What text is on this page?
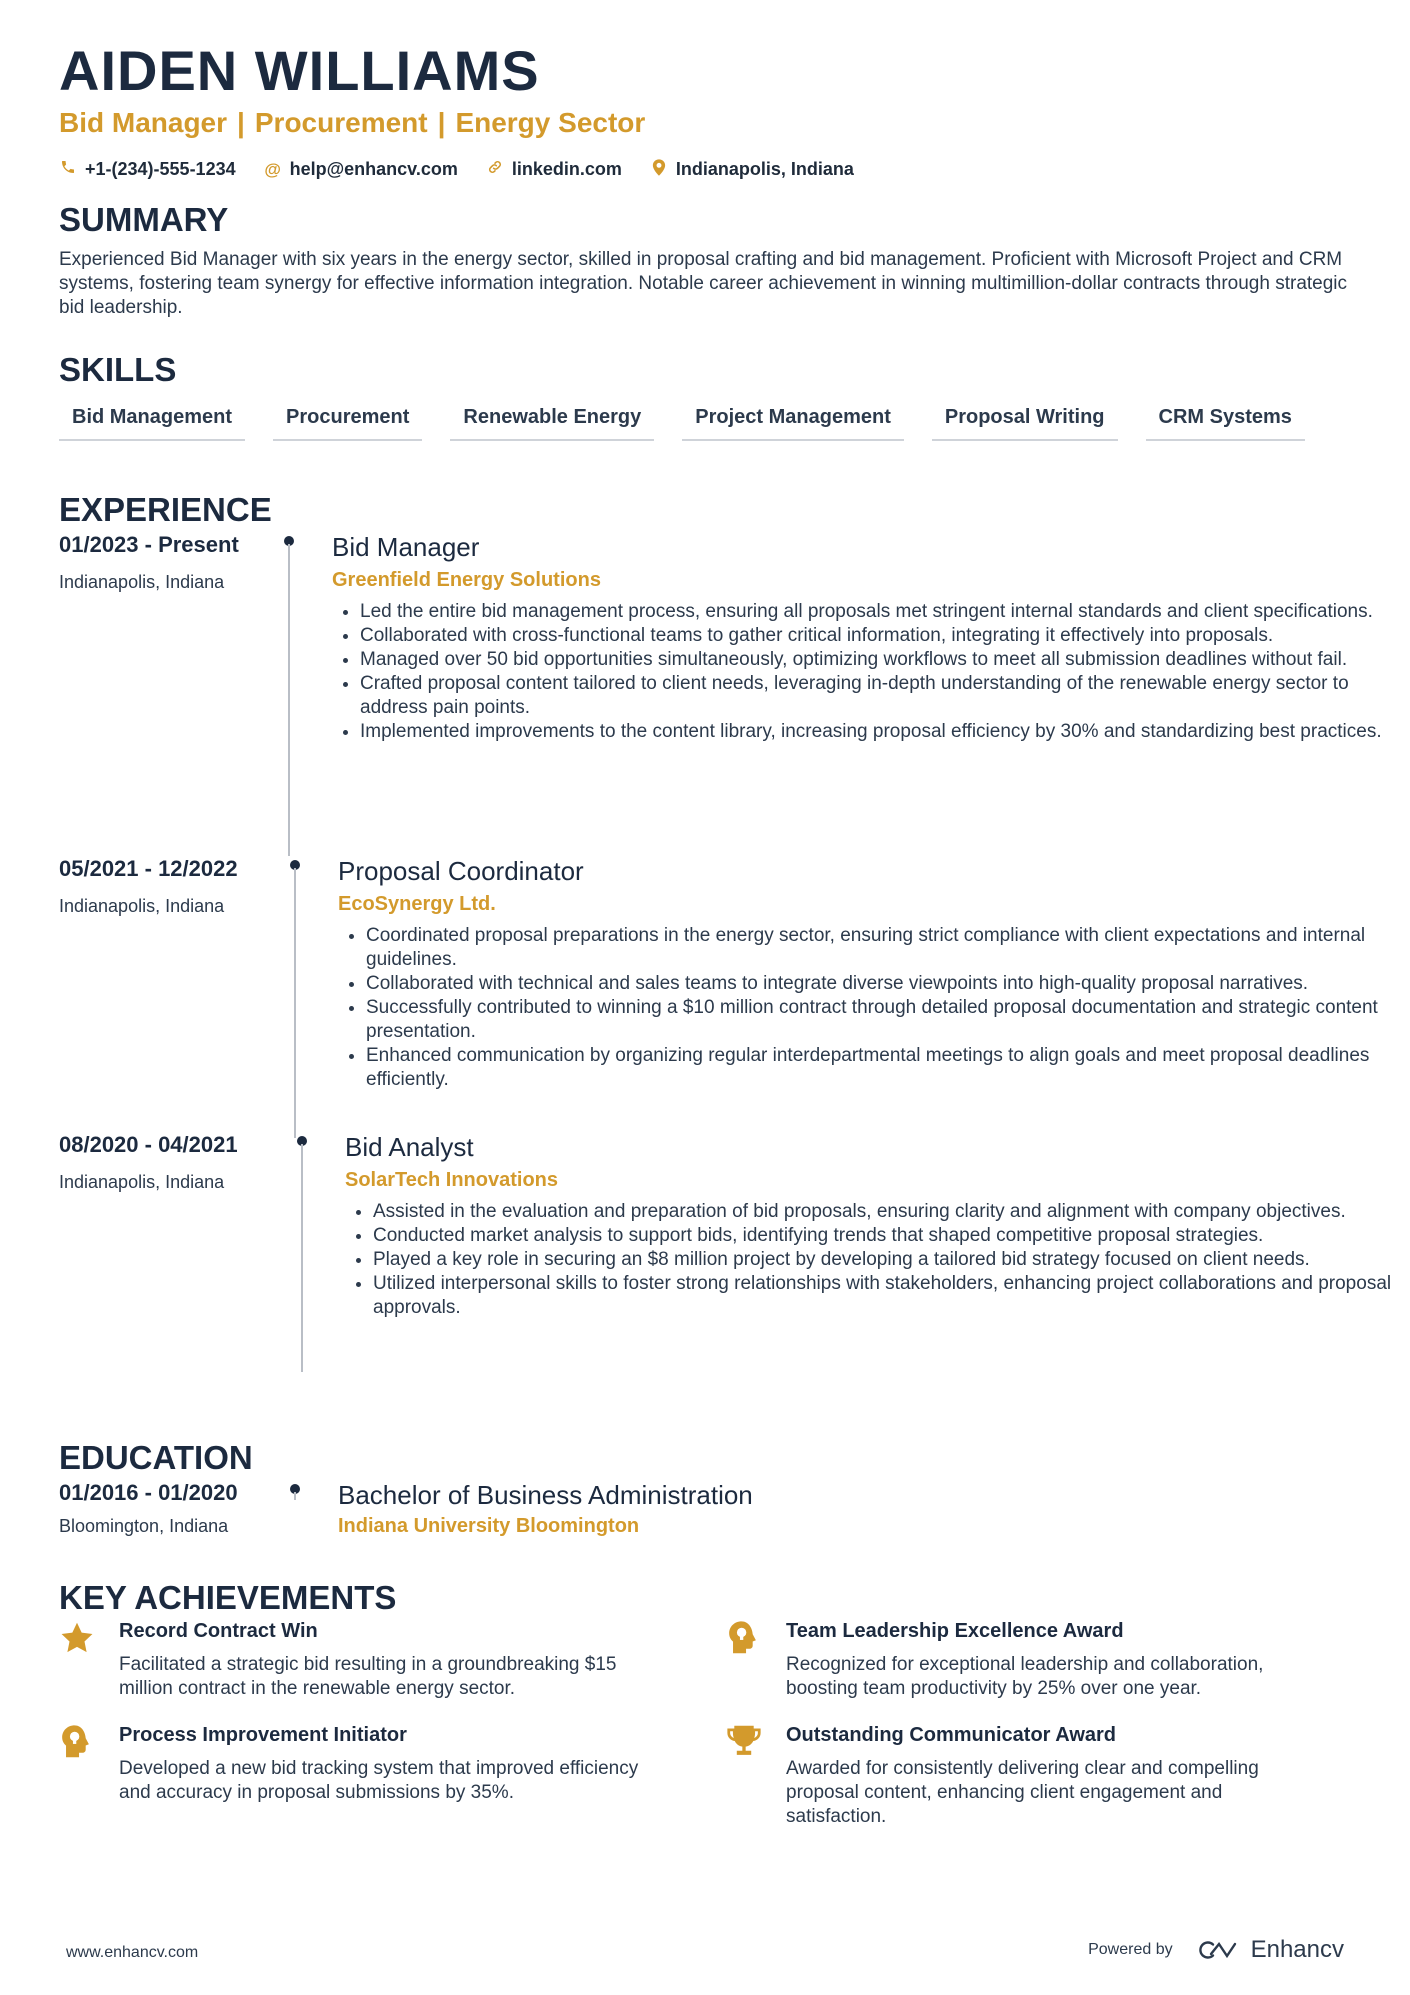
AIDEN WILLIAMS
Bid Manager | Procurement | Energy Sector
+1-(234)-555-1234 @ help@enhancv.com	linkedin.com	Indianapolis, Indiana
SUMMARY
Experienced Bid Manager with six years in the energy sector, skilled in proposal crafting and bid management. Proficient with Microsoft Project and CRM systems, fostering team synergy for effective information integration. Notable career achievement in winning multimillion-dollar contracts through strategic bid leadership.
SKILLS
Bid Management	Procurement	Renewable Energy	Project Management	Proposal Writing	CRM Systems
EXPERIENCE
01/2023 - Present
Indianapolis, Indiana
Bid Manager
Greenfield Energy Solutions
• Led the entire bid management process, ensuring all proposals met stringent internal standards and client specifications.
• Collaborated with cross-functional teams to gather critical information, integrating it effectively into proposals.
• Managed over 50 bid opportunities simultaneously, optimizing workflows to meet all submission deadlines without fail.
• Crafted proposal content tailored to client needs, leveraging in-depth understanding of the renewable energy sector to address pain points.
• Implemented improvements to the content library, increasing proposal efficiency by 30% and standardizing best practices.
05/2021 - 12/2022
Indianapolis, Indiana
Proposal Coordinator
EcoSynergy Ltd.
• Coordinated proposal preparations in the energy sector, ensuring strict compliance with client expectations and internal guidelines.
• Collaborated with technical and sales teams to integrate diverse viewpoints into high-quality proposal narratives.
• Successfully contributed to winning a $10 million contract through detailed proposal documentation and strategic content presentation.
• Enhanced communication by organizing regular interdepartmental meetings to align goals and meet proposal deadlines efficiently.
08/2020 - 04/2021
Indianapolis, Indiana
Bid Analyst
SolarTech Innovations
• Assisted in the evaluation and preparation of bid proposals, ensuring clarity and alignment with company objectives.
• Conducted market analysis to support bids, identifying trends that shaped competitive proposal strategies.
• Played a key role in securing an $8 million project by developing a tailored bid strategy focused on client needs.
• Utilized interpersonal skills to foster strong relationships with stakeholders, enhancing project collaborations and proposal approvals.
EDUCATION
01/2016 - 01/2020
Bloomington, Indiana
Bachelor of Business Administration
Indiana University Bloomington
KEY ACHIEVEMENTS
Record Contract Win
Facilitated a strategic bid resulting in a groundbreaking $15 million contract in the renewable energy sector.
Team Leadership Excellence Award
Recognized for exceptional leadership and collaboration, boosting team productivity by 25% over one year.
Process Improvement Initiator
Developed a new bid tracking system that improved efficiency and accuracy in proposal submissions by 35%.
Outstanding Communicator Award
Awarded for consistently delivering clear and compelling proposal content, enhancing client engagement and satisfaction.
www.enhancv.com	Powered by	Enhancv
